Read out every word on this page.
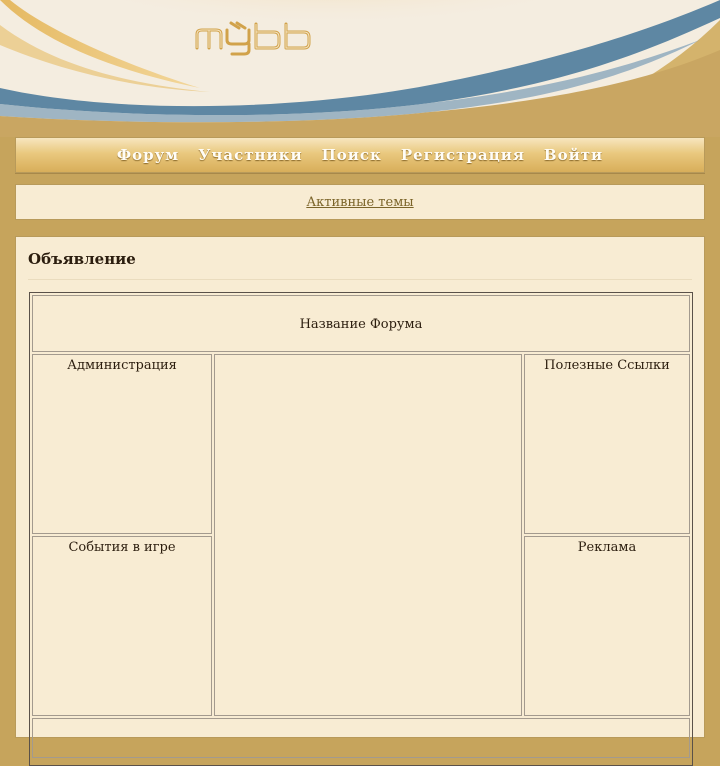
Форум Участники Поиск Регистрация Войти
Активные темы
Объявление
Название Форума
Администрация
События в игре
Полезные Ссылки
Реклама
